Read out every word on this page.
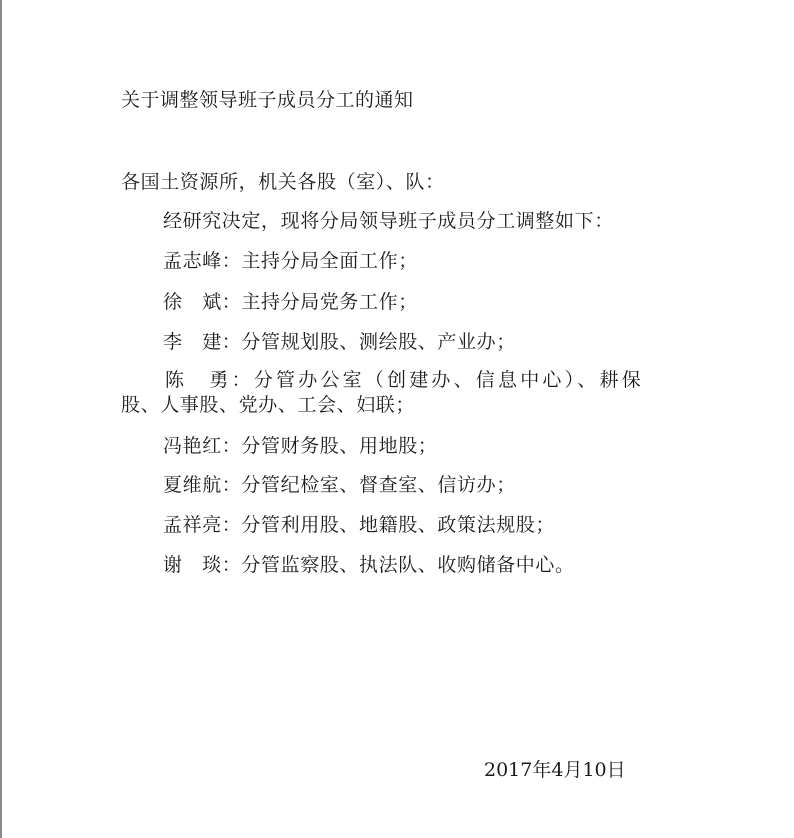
关于调整领导班子成员分工的通知
各国土资源所，机关各股（室）、队：
经研究决定，现将分局领导班子成员分工调整如下：
孟志峰：主持分局全面工作；
徐　斌：主持分局党务工作；
李　建：分管规划股、测绘股、产业办；
陈　勇：分管办公室（创建办、信息中心）、耕保
股、人事股、党办、工会、妇联；
冯艳红：分管财务股、用地股；
夏维航：分管纪检室、督查室、信访办；
孟祥亮：分管利用股、地籍股、政策法规股；
谢　琰：分管监察股、执法队、收购储备中心。
2017年4月10日
